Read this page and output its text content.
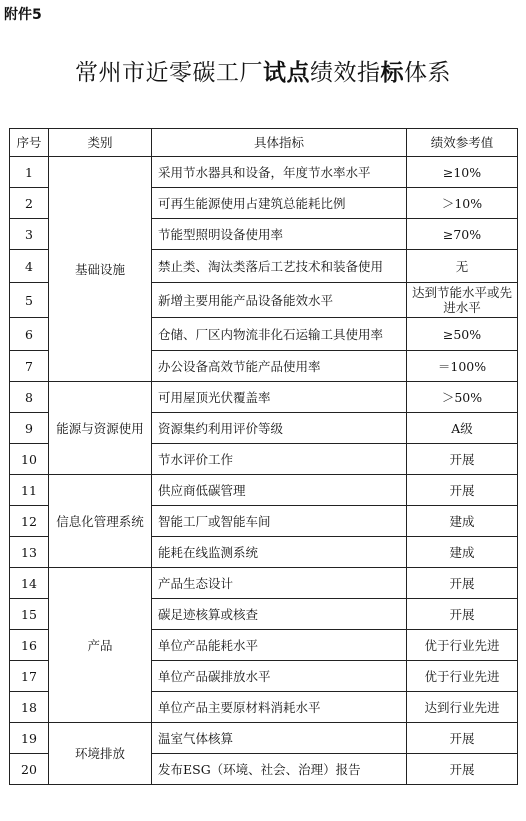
附件5
常州市近零碳工厂试点绩效指标体系
序号	类别	具体指标	绩效参考值
1	基础设施	采用节水器具和设备，年度节水率水平	≥10%
2		可再生能源使用占建筑总能耗比例	＞10%
3		节能型照明设备使用率	≥70%
4		禁止类、淘汰类落后工艺技术和装备使用	无
5		新增主要用能产品设备能效水平	达到节能水平或先进水平
6		仓储、厂区内物流非化石运输工具使用率	≥50%
7		办公设备高效节能产品使用率	＝100%
8	能源与资源使用	可用屋顶光伏覆盖率	＞50%
9		资源集约利用评价等级	A级
10		节水评价工作	开展
11	信息化管理系统	供应商低碳管理	开展
12		智能工厂或智能车间	建成
13		能耗在线监测系统	建成
14	产品	产品生态设计	开展
15		碳足迹核算或核查	开展
16		单位产品能耗水平	优于行业先进
17		单位产品碳排放水平	优于行业先进
18		单位产品主要原材料消耗水平	达到行业先进
19	环境排放	温室气体核算	开展
20		发布ESG（环境、社会、治理）报告	开展
